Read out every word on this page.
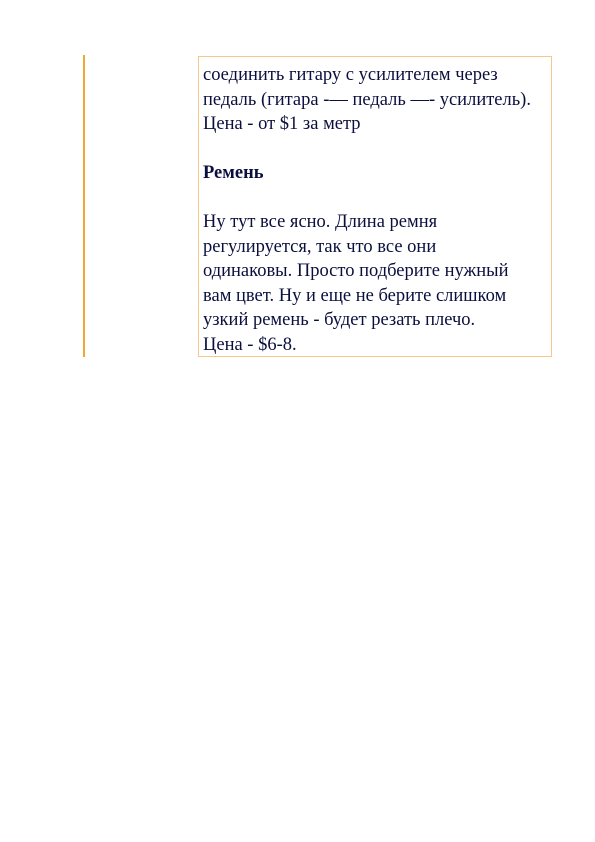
соединить гитару с усилителем через
педаль (гитара -— педаль —- усилитель).
Цена - от $1 за метр

Ремень

Ну тут все ясно. Длина ремня
регулируется, так что все они
одинаковы. Просто подберите нужный
вам цвет. Ну и еще не берите слишком
узкий ремень - будет резать плечо.
Цена - $6-8.
